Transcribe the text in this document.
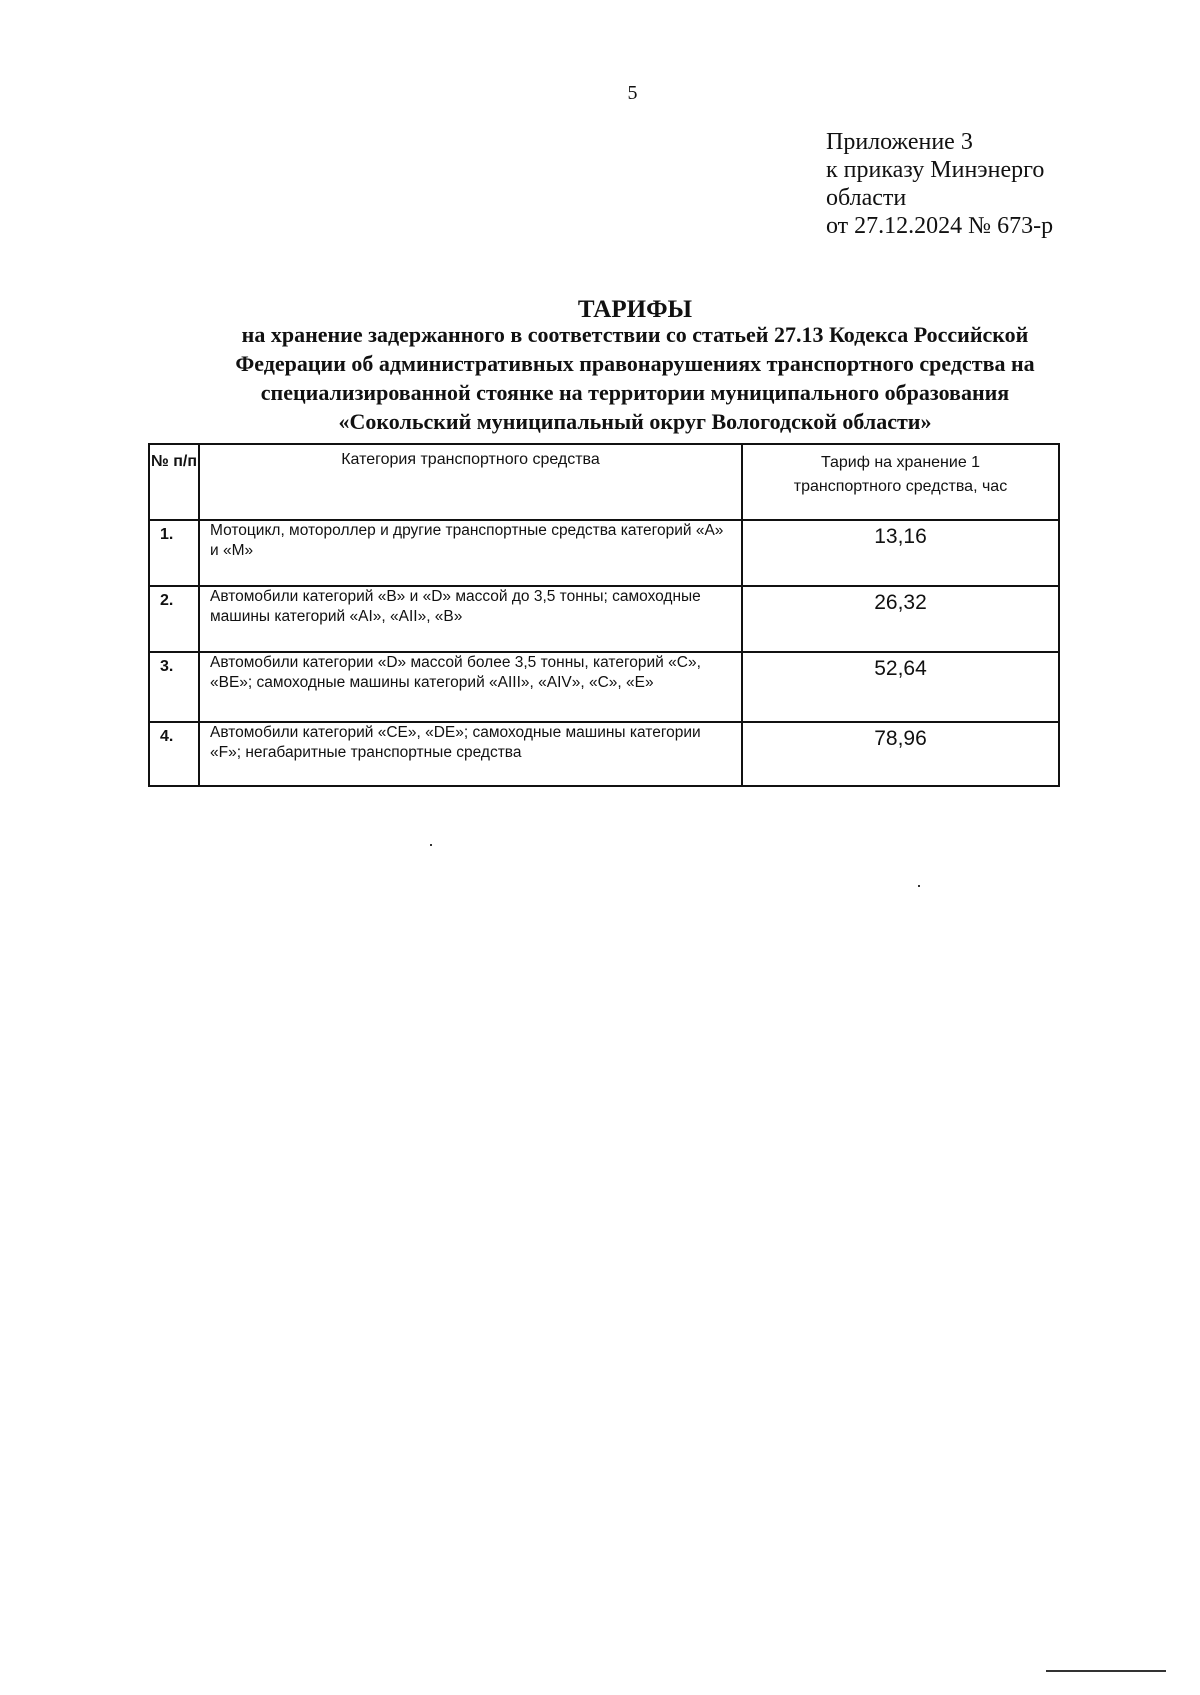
5
Приложение 3
к приказу Минэнерго
области
от 27.12.2024 № 673-р
ТАРИФЫ
на хранение задержанного в соответствии со статьей 27.13 Кодекса Российской
Федерации об административных правонарушениях транспортного средства на
специализированной стоянке на территории муниципального образования
«Сокольский муниципальный округ Вологодской области»
№ п/п	Категория транспортного средства	Тариф на хранение 1
транспортного средства, час

1.	Мотоцикл, мотороллер и другие транспортные средства категорий «А» и «М»	13,16
2.	Автомобили категорий «В» и «D» массой до 3,5 тонны; самоходные машины категорий «AI», «AII», «В»	26,32
3.	Автомобили категории «D» массой более 3,5 тонны, категорий «С», «ВЕ»; самоходные машины категорий «AIII», «AIV», «С», «Е»	52,64
4.	Автомобили категорий «СЕ», «DE»; самоходные машины категории «F»; негабаритные транспортные средства	78,96
